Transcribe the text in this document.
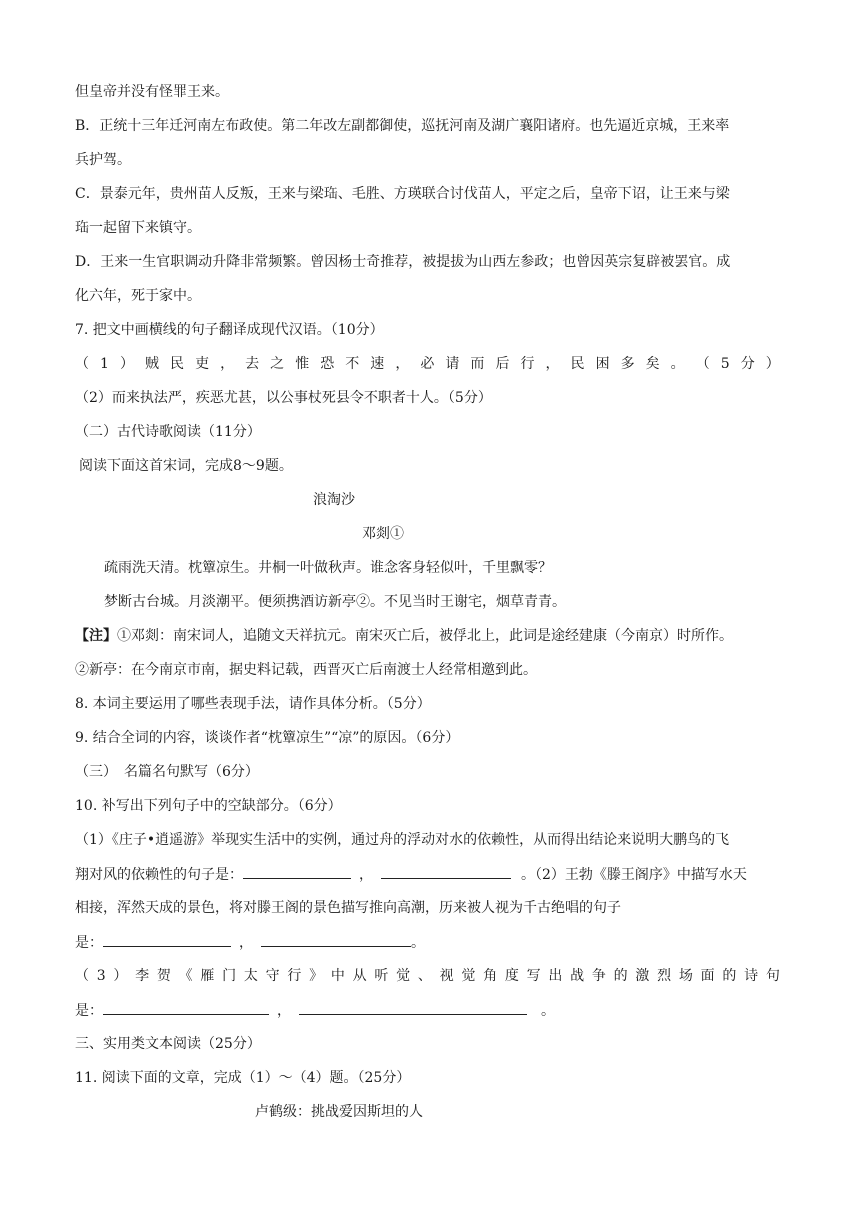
但皇帝并没有怪罪王来。
B．正统十三年迁河南左布政使。第二年改左副都御使，巡抚河南及湖广襄阳诸府。也先逼近京城，王来率
兵护驾。
C．景泰元年，贵州苗人反叛，王来与梁珤、毛胜、方瑛联合讨伐苗人，平定之后，皇帝下诏，让王来与梁
珤一起留下来镇守。
D．王来一生官职调动升降非常频繁。曾因杨士奇推荐，被提拔为山西左参政；也曾因英宗复辟被罢官。成
化六年，死于家中。
7. 把文中画横线的句子翻译成现代汉语。（10分）
（ 1 ） 贼 民 吏 ， 去 之 惟 恐 不 速 ， 必 请 而 后 行 ， 民 困 多 矣 。 （ 5 分 ）
（2）而来执法严，疾恶尤甚，以公事杖死县令不职者十人。（5分）
（二）古代诗歌阅读（11分）
阅读下面这首宋词，完成8～9题。
浪淘沙
邓剡①
疏雨洗天清。枕簟凉生。井桐一叶做秋声。谁念客身轻似叶，千里飘零？
梦断古台城。月淡潮平。便须携酒访新亭②。不见当时王谢宅，烟草青青。
【注】①邓剡：南宋词人，追随文天祥抗元。南宋灭亡后，被俘北上，此词是途经建康（今南京）时所作。
②新亭：在今南京市南，据史料记载，西晋灭亡后南渡士人经常相邀到此。
8. 本词主要运用了哪些表现手法，请作具体分析。（5分）
9. 结合全词的内容，谈谈作者“枕簟凉生”“凉”的原因。（6分）
（三）　名篇名句默写（6分）
10. 补写出下列句子中的空缺部分。（6分）
（1）《庄子•逍遥游》举现实生活中的实例，通过舟的浮动对水的依赖性，从而得出结论来说明大鹏鸟的飞
翔对风的依赖性的句子是：	，	。（2）王勃《滕王阁序》中描写水天
相接，浑然天成的景色，将对滕王阁的景色描写推向高潮，历来被人视为千古绝唱的句子
是：	，	。
（ 3 ） 李 贺 《 雁 门 太 守 行 》 中 从 听 觉 、 视 觉 角 度 写 出 战 争 的 激 烈 场 面 的 诗 句
是：	，	。
三、实用类文本阅读（25分）
11. 阅读下面的文章，完成（1）～（4）题。（25分）
卢鹤级：挑战爱因斯坦的人
